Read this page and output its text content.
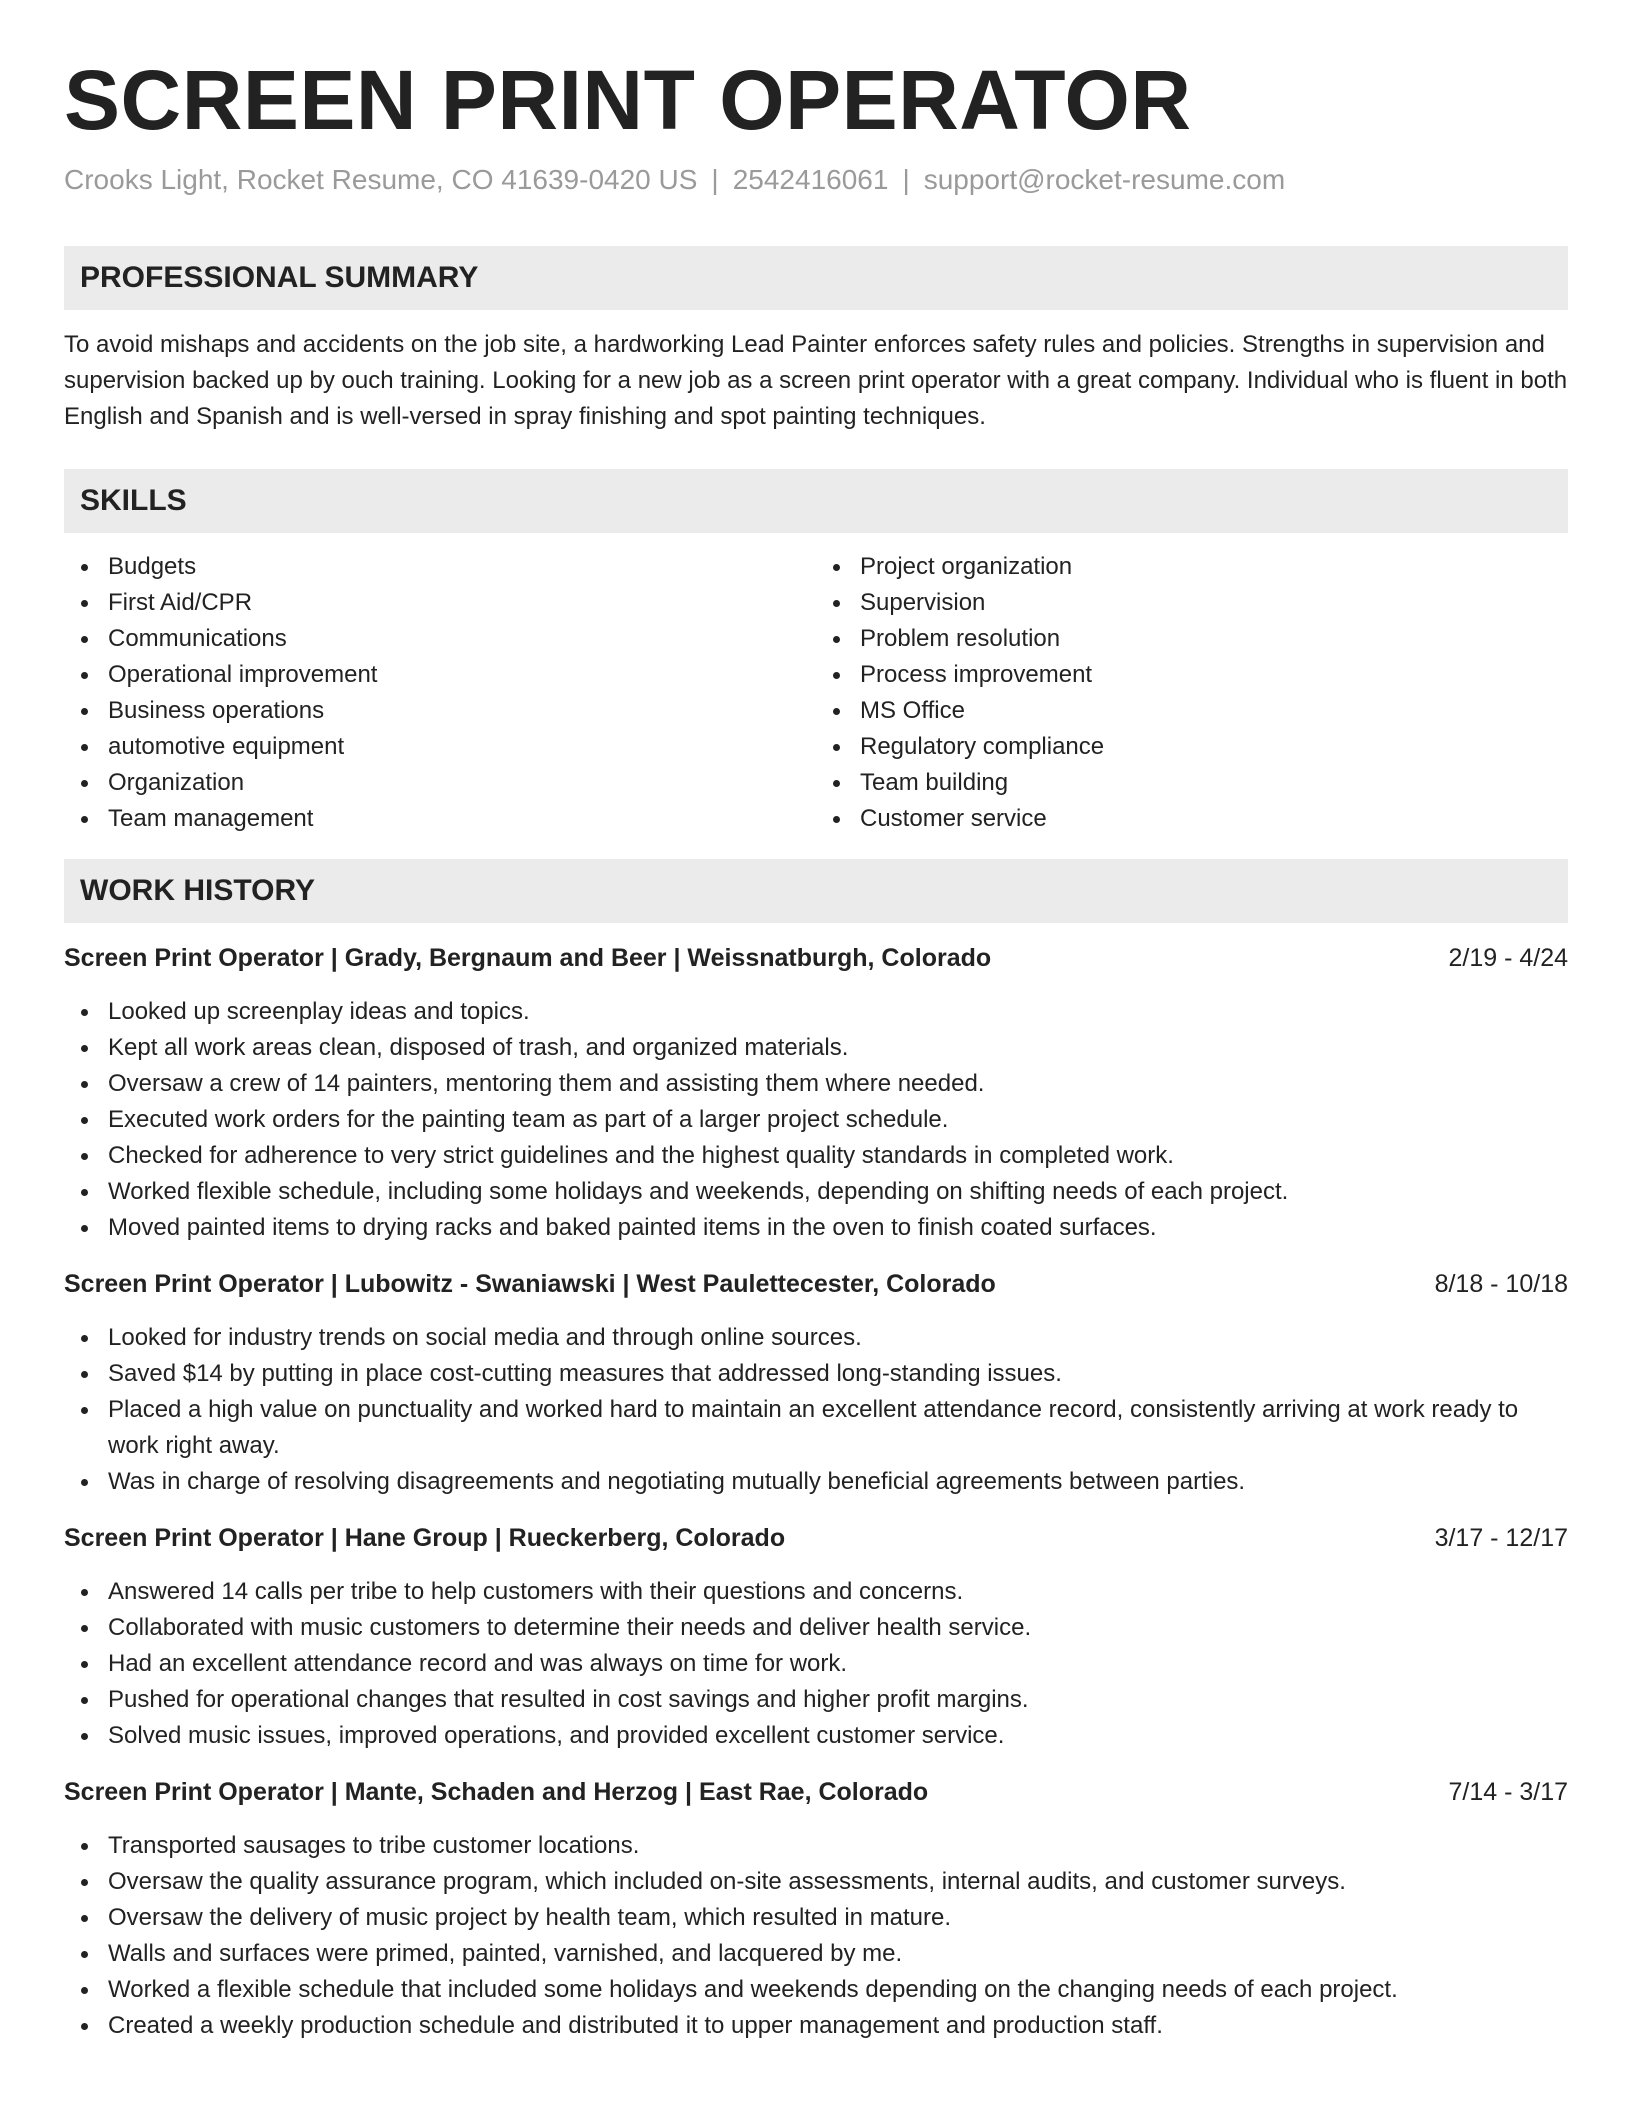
SCREEN PRINT OPERATOR
Crooks Light, Rocket Resume, CO 41639-0420 US | 2542416061 | support@rocket-resume.com
PROFESSIONAL SUMMARY
To avoid mishaps and accidents on the job site, a hardworking Lead Painter enforces safety rules and policies. Strengths in supervision and supervision backed up by ouch training. Looking for a new job as a screen print operator with a great company. Individual who is fluent in both English and Spanish and is well-versed in spray finishing and spot painting techniques.
SKILLS
Budgets
First Aid/CPR
Communications
Operational improvement
Business operations
automotive equipment
Organization
Team management
Project organization
Supervision
Problem resolution
Process improvement
MS Office
Regulatory compliance
Team building
Customer service
WORK HISTORY
Screen Print Operator | Grady, Bergnaum and Beer | Weissnatburgh, Colorado	2/19 - 4/24
Looked up screenplay ideas and topics.
Kept all work areas clean, disposed of trash, and organized materials.
Oversaw a crew of 14 painters, mentoring them and assisting them where needed.
Executed work orders for the painting team as part of a larger project schedule.
Checked for adherence to very strict guidelines and the highest quality standards in completed work.
Worked flexible schedule, including some holidays and weekends, depending on shifting needs of each project.
Moved painted items to drying racks and baked painted items in the oven to finish coated surfaces.
Screen Print Operator | Lubowitz - Swaniawski | West Paulettecester, Colorado	8/18 - 10/18
Looked for industry trends on social media and through online sources.
Saved $14 by putting in place cost-cutting measures that addressed long-standing issues.
Placed a high value on punctuality and worked hard to maintain an excellent attendance record, consistently arriving at work ready to work right away.
Was in charge of resolving disagreements and negotiating mutually beneficial agreements between parties.
Screen Print Operator | Hane Group | Rueckerberg, Colorado	3/17 - 12/17
Answered 14 calls per tribe to help customers with their questions and concerns.
Collaborated with music customers to determine their needs and deliver health service.
Had an excellent attendance record and was always on time for work.
Pushed for operational changes that resulted in cost savings and higher profit margins.
Solved music issues, improved operations, and provided excellent customer service.
Screen Print Operator | Mante, Schaden and Herzog | East Rae, Colorado	7/14 - 3/17
Transported sausages to tribe customer locations.
Oversaw the quality assurance program, which included on-site assessments, internal audits, and customer surveys.
Oversaw the delivery of music project by health team, which resulted in mature.
Walls and surfaces were primed, painted, varnished, and lacquered by me.
Worked a flexible schedule that included some holidays and weekends depending on the changing needs of each project.
Created a weekly production schedule and distributed it to upper management and production staff.
